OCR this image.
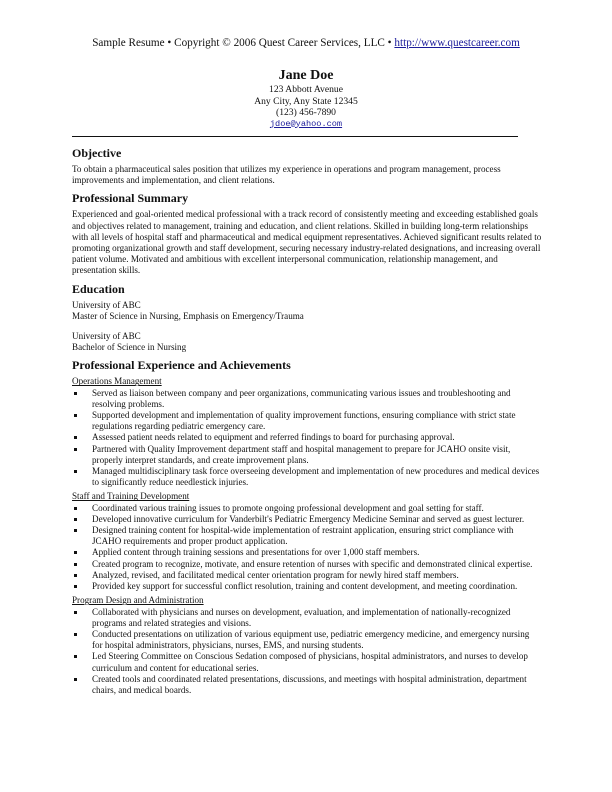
Sample Resume • Copyright © 2006 Quest Career Services, LLC • http://www.questcareer.com
Jane Doe
123 Abbott Avenue
Any City, Any State 12345
(123) 456-7890
jdoe@yahoo.com
Objective

To obtain a pharmaceutical sales position that utilizes my experience in operations and program management, process improvements and implementation, and client relations.

Professional Summary

Experienced and goal-oriented medical professional with a track record of consistently meeting and exceeding established goals and objectives related to management, training and education, and client relations. Skilled in building long-term relationships with all levels of hospital staff and pharmaceutical and medical equipment representatives. Achieved significant results related to promoting organizational growth and staff development, securing necessary industry-related designations, and increasing overall patient volume. Motivated and ambitious with excellent interpersonal communication, relationship management, and presentation skills.

Education

University of ABC

Master of Science in Nursing, Emphasis on Emergency/Trauma

University of ABC

Bachelor of Science in Nursing

Professional Experience and Achievements

Operations Management

Served as liaison between company and peer organizations, communicating various issues and troubleshooting and resolving problems.
Supported development and implementation of quality improvement functions, ensuring compliance with strict state regulations regarding pediatric emergency care.
Assessed patient needs related to equipment and referred findings to board for purchasing approval.
Partnered with Quality Improvement department staff and hospital management to prepare for JCAHO onsite visit, properly interpret standards, and create improvement plans.
Managed multidisciplinary task force overseeing development and implementation of new procedures and medical devices to significantly reduce needlestick injuries.

Staff and Training Development

Coordinated various training issues to promote ongoing professional development and goal setting for staff.
Developed innovative curriculum for Vanderbilt's Pediatric Emergency Medicine Seminar and served as guest lecturer.
Designed training content for hospital-wide implementation of restraint application, ensuring strict compliance with JCAHO requirements and proper product application.
Applied content through training sessions and presentations for over 1,000 staff members.
Created program to recognize, motivate, and ensure retention of nurses with specific and demonstrated clinical expertise.
Analyzed, revised, and facilitated medical center orientation program for newly hired staff members.
Provided key support for successful conflict resolution, training and content development, and meeting coordination.

Program Design and Administration

Collaborated with physicians and nurses on development, evaluation, and implementation of nationally-recognized programs and related strategies and visions.
Conducted presentations on utilization of various equipment use, pediatric emergency medicine, and emergency nursing for hospital administrators, physicians, nurses, EMS, and nursing students.
Led Steering Committee on Conscious Sedation composed of physicians, hospital administrators, and nurses to develop curriculum and content for educational series.
Created tools and coordinated related presentations, discussions, and meetings with hospital administration, department chairs, and medical boards.
